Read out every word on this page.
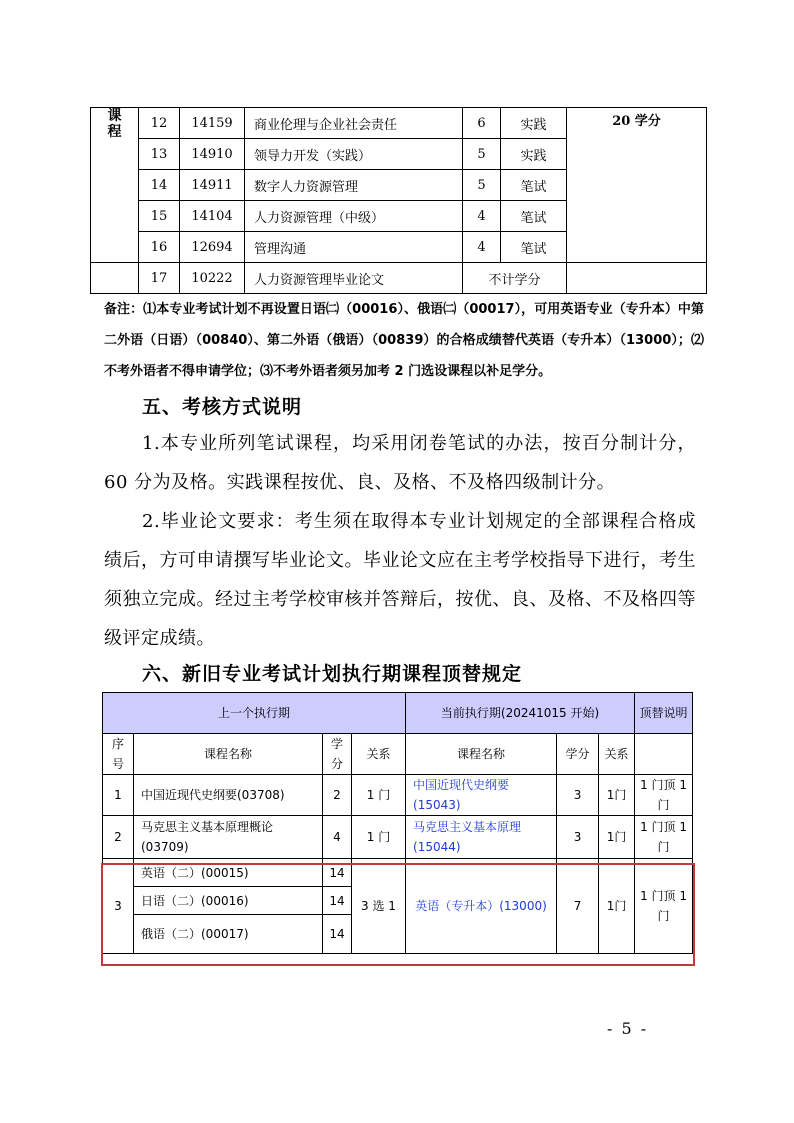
课程	12	14159	商业伦理与企业社会责任	6	实践	20 学分
	13	14910	领导力开发（实践）	5	实践	
	14	14911	数字人力资源管理	5	笔试	
	15	14104	人力资源管理（中级）	4	笔试	
	16	12694	管理沟通	4	笔试	
	17	10222	人力资源管理毕业论文	不计学分		
备注：⑴本专业考试计划不再设置日语㈡（00016）、俄语㈡（00017），可用英语专业（专升本）中第二外语（日语）（00840）、第二外语（俄语）（00839）的合格成绩替代英语（专升本）（13000）；⑵ 不考外语者不得申请学位；⑶不考外语者须另加考 2 门选设课程以补足学分。
五、考核方式说明
1.本专业所列笔试课程，均采用闭卷笔试的办法，按百分制计分，60 分为及格。实践课程按优、良、及格、不及格四级制计分。
2.毕业论文要求：考生须在取得本专业计划规定的全部课程合格成绩后，方可申请撰写毕业论文。毕业论文应在主考学校指导下进行，考生须独立完成。经过主考学校审核并答辩后，按优、良、及格、不及格四等级评定成绩。
六、新旧专业考试计划执行期课程顶替规定
上一个执行期				当前执行期(20241015 开始)			顶替说明
序号	课程名称	学分	关系	课程名称	学分	关系	
1	中国近现代史纲要(03708)	2	1 门	中国近现代史纲要(15043)	3	1门	1 门顶 1 门
2	马克思主义基本原理概论(03709)	4	1 门	马克思主义基本原理(15044)	3	1门	1 门顶 1 门
3	英语（二）(00015)	14	3 选 1	英语（专升本）(13000)	7	1门	1 门顶 1 门
	日语（二）(00016)	14					
	俄语（二）(00017)	14					
- 5 -
